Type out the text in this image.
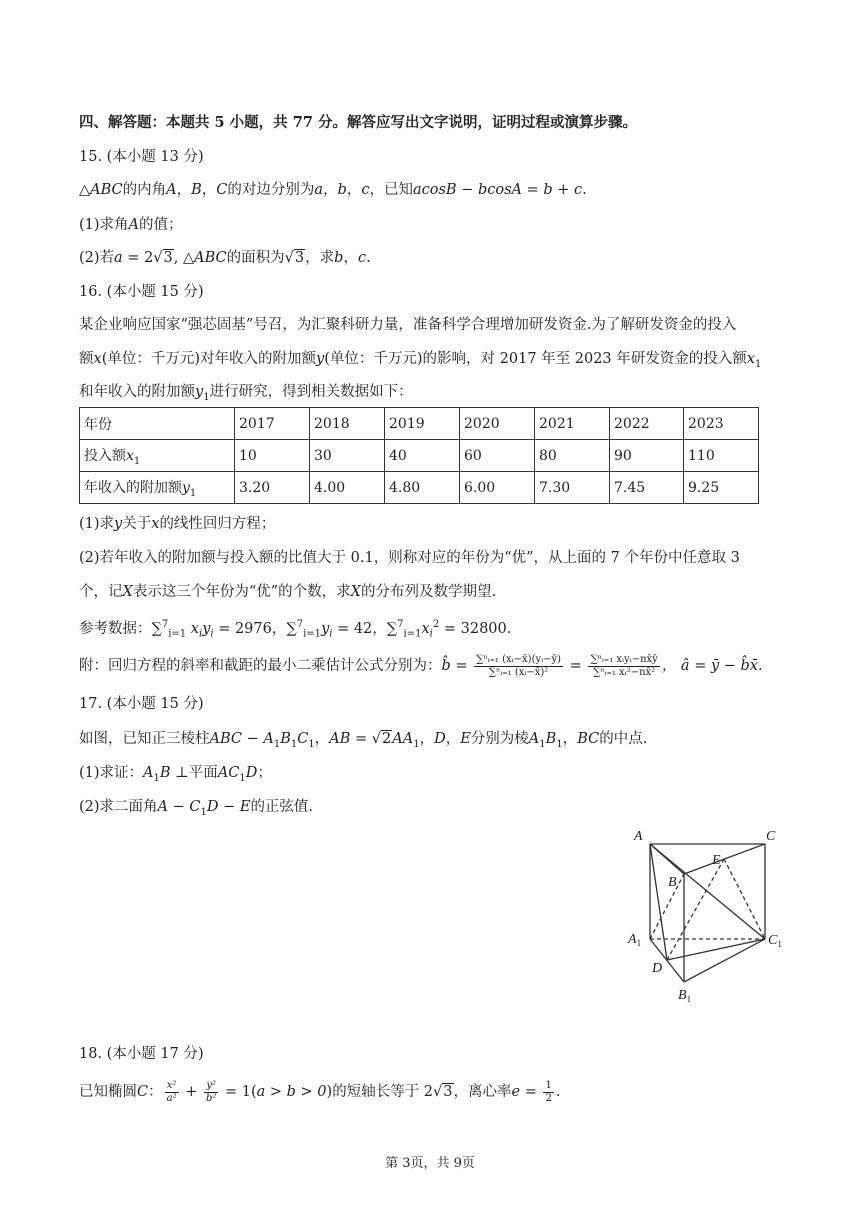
四、解答题：本题共 5 小题，共 77 分。解答应写出文字说明，证明过程或演算步骤。
15. (本小题 13 分)
△ABC的内角A，B，C的对边分别为a，b，c，已知acosB − bcosA = b + c.
(1)求角A的值；
(2)若a = 2√3, △ABC的面积为√3，求b，c.
16. (本小题 15 分)
某企业响应国家“强芯固基”号召，为汇聚科研力量，准备科学合理增加研发资金.为了解研发资金的投入
额x(单位：千万元)对年收入的附加额y(单位：千万元)的影响，对 2017 年至 2023 年研发资金的投入额$x_1$
和年收入的附加额$y_1$进行研究，得到相关数据如下：
年份	2017	2018	2019	2020	2021	2022	2023
投入额$x_1$	10	30	40	60	80	90	110
年收入的附加额$y_1$	3.20	4.00	4.80	6.00	7.30	7.45	9.25
(1)求y关于x的线性回归方程；
(2)若年收入的附加额与投入额的比值大于 0.1，则称对应的年份为“优”，从上面的 7 个年份中任意取 3
个，记X表示这三个年份为“优”的个数，求X的分布列及数学期望.
参考数据：∑$^7_{i=1}$ $x_iy_i = 2976$，$\sum^7_{i=1}y_i = 42$，$\sum^7_{i=1}x_i^2 = 32800$.
附：回归方程的斜率和截距的最小二乘估计公式分别为：b̂ = $\frac{\text{∑ⁿᵢ₌₁ (xᵢ−x̄)(yᵢ−ȳ)}}{\text{∑ⁿᵢ₌₁ (xᵢ−x̄)²}} = \frac{\text{∑ⁿᵢ₌₁ xᵢyᵢ−nx̄ȳ}}{\text{∑ⁿᵢ₌₁ xᵢ²−nx̄²}}$ ， â = ȳ − b̂x̄.
17. (本小题 15 分)
如图，已知正三棱柱ABC − $A_1B_1C_1$，AB = $√2AA_1$，D，E分别为棱$A_1B_1$，BC的中点.
(1)求证：$A_1B$ ⊥平面$AC_1D$；
(2)求二面角$A - C_1D - E$的正弦值.
A	C
E
B
$A_1$	$C_1$
D
$B_1$
18. (本小题 17 分)
已知椭圆C： $\frac{\text{x²}}{\text{a²}} + \frac{\text{y²}}{\text{b²}} = 1(a > b > 0)$的短轴长等于 2√3，离心率$e = \frac{1}{2}$ .
第 3页，共 9页
